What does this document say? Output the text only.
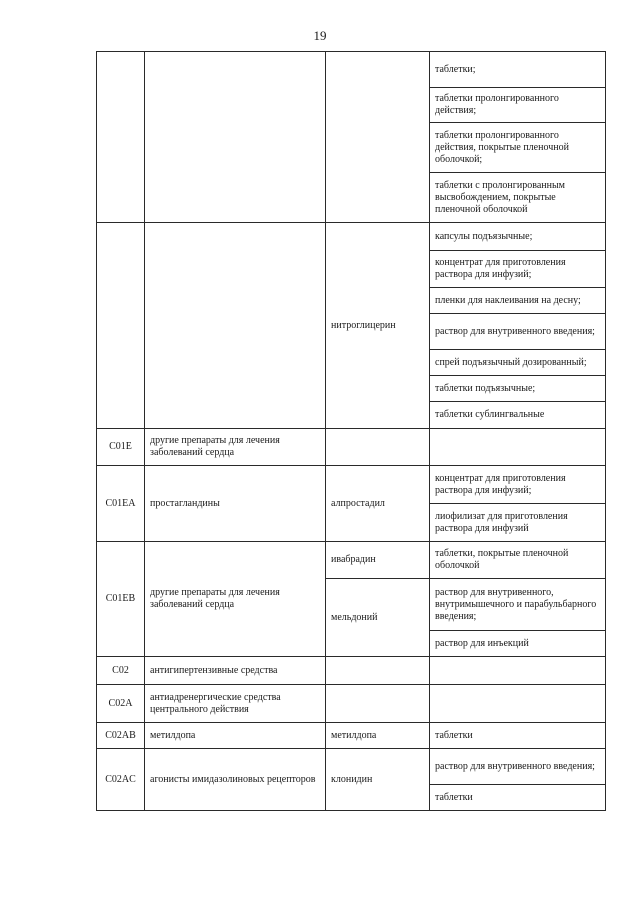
19
			таблетки;
			таблетки пролонгированного действия;
			таблетки пролонгированного действия, покрытые пленочной оболочкой;
			таблетки с пролонгированным высвобождением, покрытые пленочной оболочкой
		нитроглицерин	капсулы подъязычные;
			концентрат для приготовления раствора для инфузий;
			пленки для наклеивания на десну;
			раствор для внутривенного введения;
			спрей подъязычный дозированный;
			таблетки подъязычные;
			таблетки сублингвальные
C01E	другие препараты для лечения заболеваний сердца		
C01EA	простагландины	алпростадил	концентрат для приготовления раствора для инфузий;
			лиофилизат для приготовления раствора для инфузий
C01EB	другие препараты для лечения заболеваний сердца	ивабрадин	таблетки, покрытые пленочной оболочкой
		мельдоний	раствор для внутривенного, внутримышечного и парабульбарного введения;
			раствор для инъекций
C02	антигипертензивные средства		
C02A	антиадренергические средства центрального действия		
C02AB	метилдопа	метилдопа	таблетки
C02AC	агонисты имидазолиновых рецепторов	клонидин	раствор для внутривенного введения;
			таблетки
